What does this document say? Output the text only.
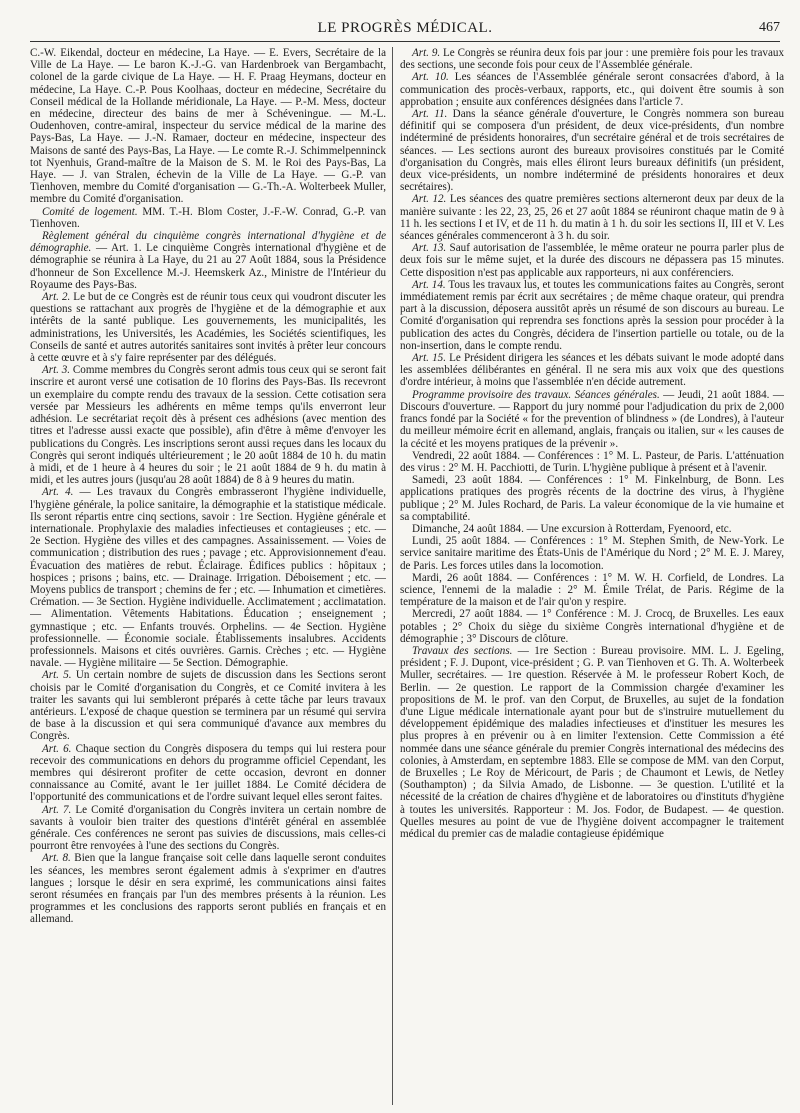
LE PROGRÈS MÉDICAL.	467

C.-W. Eikendal, docteur en médecine, La Haye. — E. Evers, Secrétaire de la Ville de La Haye. — Le baron K.-J.-G. van Hardenbroek van Bergambacht, colonel de la garde civique de La Haye. — H. F. Praag Heymans, docteur en médecine, La Haye. C.-P. Pous Koolhaas, docteur en médecine, Secrétaire du Conseil médical de la Hollande méridionale, La Haye. — P.-M. Mess, docteur en médecine, directeur des bains de mer à Schéveningue. — M.-L. Oudenhoven, contre-amiral, inspecteur du service médical de la marine des Pays-Bas, La Haye. — J.-N. Ramaer, docteur en médecine, inspecteur des Maisons de santé des Pays-Bas, La Haye. — Le comte R.-J. Schimmelpenninck tot Nyenhuis, Grand-maître de la Maison de S. M. le Roi des Pays-Bas, La Haye. — J. van Stralen, échevin de la Ville de La Haye. — G.-P. van Tienhoven, membre du Comité d'organisation — G.-Th.-A. Wolterbeek Muller, membre du Comité d'organisation.

Comité de logement. MM. T.-H. Blom Coster, J.-F.-W. Conrad, G.-P. van Tienhoven.

Règlement général du cinquième congrès international d'hygiène et de démographie. — Art. 1. Le cinquième Congrès international d'hygiène et de démographie se réunira à La Haye, du 21 au 27 Août 1884, sous la Présidence d'honneur de Son Excellence M.-J. Heemskerk Az., Ministre de l'Intérieur du Royaume des Pays-Bas.

Art. 2. Le but de ce Congrès est de réunir tous ceux qui voudront discuter les questions se rattachant aux progrès de l'hygiène et de la démographie et aux intérêts de la santé publique. Les gouvernements, les municipalités, les administrations, les Universités, les Académies, les Sociétés scientifiques, les Conseils de santé et autres autorités sanitaires sont invités à prêter leur concours à cette œuvre et à s'y faire représenter par des délégués.

Art. 3. Comme membres du Congrès seront admis tous ceux qui se seront fait inscrire et auront versé une cotisation de 10 florins des Pays-Bas. Ils recevront un exemplaire du compte rendu des travaux de la session. Cette cotisation sera versée par Messieurs les adhérents en même temps qu'ils enverront leur adhésion. Le secrétariat reçoit dès à présent ces adhésions (avec mention des titres et l'adresse aussi exacte que possible), afin d'être à même d'envoyer les publications du Congrès. Les inscriptions seront aussi reçues dans les locaux du Congrès qui seront indiqués ultérieurement ; le 20 août 1884 de 10 h. du matin à midi, et de 1 heure à 4 heures du soir ; le 21 août 1884 de 9 h. du matin à midi, et les autres jours (jusqu'au 28 août 1884) de 8 à 9 heures du matin.

Art. 4. — Les travaux du Congrès embrasseront l'hygiène individuelle, l'hygiène générale, la police sanitaire, la démographie et la statistique médicale. Ils seront répartis entre cinq sections, savoir : 1re Section. Hygiène générale et internationale. Prophylaxie des maladies infectieuses et contagieuses ; etc. — 2e Section. Hygiène des villes et des campagnes. Assainissement. — Voies de communication ; distribution des rues ; pavage ; etc. Approvisionnement d'eau. Évacuation des matières de rebut. Éclairage. Édifices publics : hôpitaux ; hospices ; prisons ; bains, etc. — Drainage. Irrigation. Déboisement ; etc. — Moyens publics de transport ; chemins de fer ; etc. — Inhumation et cimetières. Crémation. — 3e Section. Hygiène individuelle. Acclimatement ; acclimatation. — Alimentation. Vêtements Habitations. Éducation ; enseignement ; gymnastique ; etc. — Enfants trouvés. Orphelins. — 4e Section. Hygiène professionnelle. — Économie sociale. Établissements insalubres. Accidents professionnels. Maisons et cités ouvrières. Garnis. Crèches ; etc. — Hygiène navale. — Hygiène militaire — 5e Section. Démographie.

Art. 5. Un certain nombre de sujets de discussion dans les Sections seront choisis par le Comité d'organisation du Congrès, et ce Comité invitera à les traiter les savants qui lui sembleront préparés à cette tâche par leurs travaux antérieurs. L'exposé de chaque question se terminera par un résumé qui servira de base à la discussion et qui sera communiqué d'avance aux membres du Congrès.

Art. 6. Chaque section du Congrès disposera du temps qui lui restera pour recevoir des communications en dehors du programme officiel Cependant, les membres qui désireront profiter de cette occasion, devront en donner connaissance au Comité, avant le 1er juillet 1884. Le Comité décidera de l'opportunité des communications et de l'ordre suivant lequel elles seront faites.

Art. 7. Le Comité d'organisation du Congrès invitera un certain nombre de savants à vouloir bien traiter des questions d'intérêt général en assemblée générale. Ces conférences ne seront pas suivies de discussions, mais celles-ci pourront être renvoyées à l'une des sections du Congrès.

Art. 8. Bien que la langue française soit celle dans laquelle seront conduites les séances, les membres seront également admis à s'exprimer en d'autres langues ; lorsque le désir en sera exprimé, les communications ainsi faites seront résumées en français par l'un des membres présents à la réunion. Les programmes et les conclusions des rapports seront publiés en français et en allemand.

Art. 9. Le Congrès se réunira deux fois par jour : une première fois pour les travaux des sections, une seconde fois pour ceux de l'Assemblée générale.

Art. 10. Les séances de l'Assemblée générale seront consacrées d'abord, à la communication des procès-verbaux, rapports, etc., qui doivent être soumis à son approbation ; ensuite aux conférences désignées dans l'article 7.

Art. 11. Dans la séance générale d'ouverture, le Congrès nommera son bureau définitif qui se composera d'un président, de deux vice-présidents, d'un nombre indéterminé de présidents honoraires, d'un secrétaire général et de trois secrétaires de séances. — Les sections auront des bureaux provisoires constitués par le Comité d'organisation du Congrès, mais elles éliront leurs bureaux définitifs (un président, deux vice-présidents, un nombre indéterminé de présidents honoraires et deux secrétaires).

Art. 12. Les séances des quatre premières sections alterneront deux par deux de la manière suivante : les 22, 23, 25, 26 et 27 août 1884 se réuniront chaque matin de 9 à 11 h. les sections I et IV, et de 11 h. du matin à 1 h. du soir les sections II, III et V. Les séances générales commenceront à 3 h. du soir.

Art. 13. Sauf autorisation de l'assemblée, le même orateur ne pourra parler plus de deux fois sur le même sujet, et la durée des discours ne dépassera pas 15 minutes. Cette disposition n'est pas applicable aux rapporteurs, ni aux conférenciers.

Art. 14. Tous les travaux lus, et toutes les communications faites au Congrès, seront immédiatement remis par écrit aux secrétaires ; de même chaque orateur, qui prendra part à la discussion, déposera aussitôt après un résumé de son discours au bureau. Le Comité d'organisation qui reprendra ses fonctions après la session pour procéder à la publication des actes du Congrès, décidera de l'insertion partielle ou totale, ou de la non-insertion, dans le compte rendu.

Art. 15. Le Président dirigera les séances et les débats suivant le mode adopté dans les assemblées délibérantes en général. Il ne sera mis aux voix que des questions d'ordre intérieur, à moins que l'assemblée n'en décide autrement.

Programme provisoire des travaux. Séances générales. — Jeudi, 21 août 1884. — Discours d'ouverture. — Rapport du jury nommé pour l'adjudication du prix de 2,000 francs fondé par la Société « for the prevention of blindness » (de Londres), à l'auteur du meilleur mémoire écrit en allemand, anglais, français ou italien, sur « les causes de la cécité et les moyens pratiques de la prévenir ».

Vendredi, 22 août 1884. — Conférences : 1° M. L. Pasteur, de Paris. L'atténuation des virus : 2° M. H. Pacchiotti, de Turin. L'hygiène publique à présent et à l'avenir.

Samedi, 23 août 1884. — Conférences : 1° M. Finkelnburg, de Bonn. Les applications pratiques des progrès récents de la doctrine des virus, à l'hygiène publique ; 2° M. Jules Rochard, de Paris. La valeur économique de la vie humaine et sa comptabilité.

Dimanche, 24 août 1884. — Une excursion à Rotterdam, Fyenoord, etc.

Lundi, 25 août 1884. — Conférences : 1° M. Stephen Smith, de New-York. Le service sanitaire maritime des États-Unis de l'Amérique du Nord ; 2° M. E. J. Marey, de Paris. Les forces utiles dans la locomotion.

Mardi, 26 août 1884. — Conférences : 1° M. W. H. Corfield, de Londres. La science, l'ennemi de la maladie : 2° M. Émile Trélat, de Paris. Régime de la température de la maison et de l'air qu'on y respire.

Mercredi, 27 août 1884. — 1° Conférence : M. J. Crocq, de Bruxelles. Les eaux potables ; 2° Choix du siège du sixième Congrès international d'hygiène et de démographie ; 3° Discours de clôture.

Travaux des sections. — 1re Section : Bureau provisoire. MM. L. J. Egeling, président ; F. J. Dupont, vice-président ; G. P. van Tienhoven et G. Th. A. Wolterbeek Muller, secrétaires. — 1re question. Réservée à M. le professeur Robert Koch, de Berlin. — 2e question. Le rapport de la Commission chargée d'examiner les propositions de M. le prof. van den Corput, de Bruxelles, au sujet de la fondation d'une Ligue médicale internationale ayant pour but de s'instruire mutuellement du développement épidémique des maladies infectieuses et d'instituer les mesures les plus propres à en prévenir ou à en limiter l'extension. Cette Commission a été nommée dans une séance générale du premier Congrès international des médecins des colonies, à Amsterdam, en septembre 1883. Elle se compose de MM. van den Corput, de Bruxelles ; Le Roy de Méricourt, de Paris ; de Chaumont et Lewis, de Netley (Southampton) ; da Silvia Amado, de Lisbonne. — 3e question. L'utilité et la nécessité de la création de chaires d'hygiène et de laboratoires ou d'instituts d'hygiène à toutes les universités. Rapporteur : M. Jos. Fodor, de Budapest. — 4e question. Quelles mesures au point de vue de l'hygiène doivent accompagner le traitement médical du premier cas de maladie contagieuse épidémique
